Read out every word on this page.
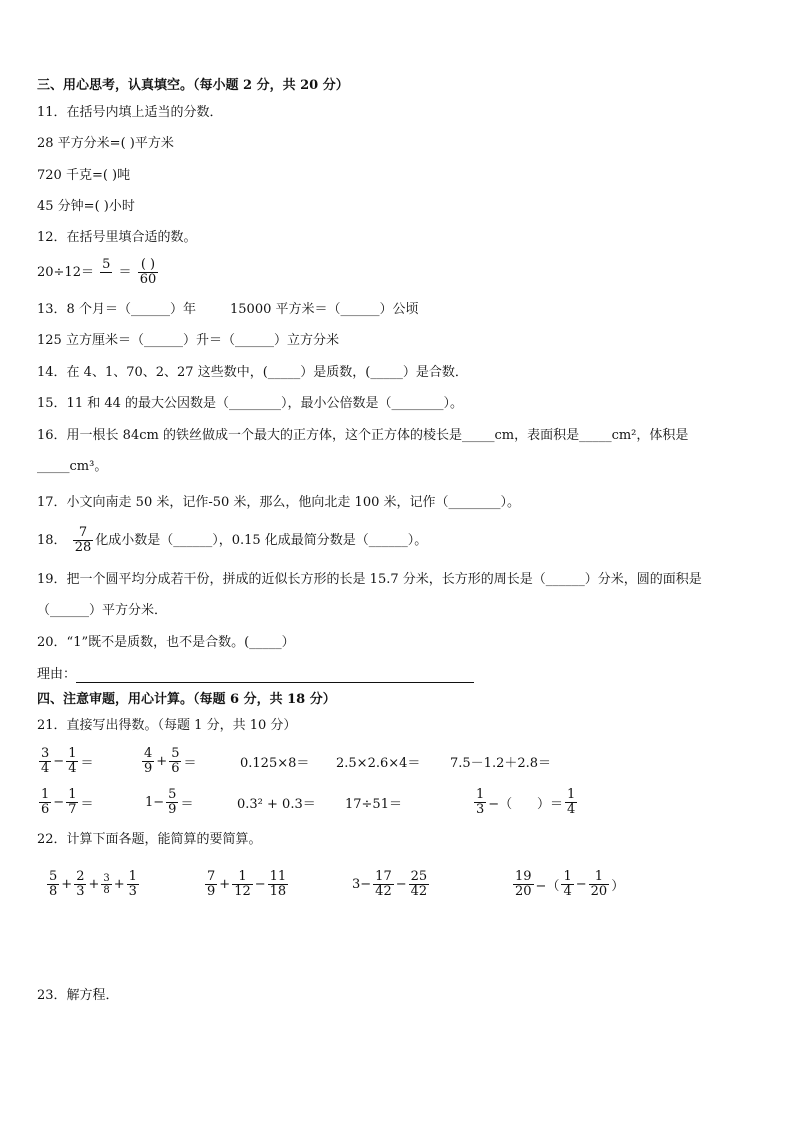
三、用心思考，认真填空。（每小题 2 分，共 20 分）
11．在括号内填上适当的分数．
28 平方分米=( )平方米
720 千克=( )吨
45 分钟=( )小时
12．在括号里填合适的数。
20÷12＝
5

＝ $\frac{( )}{60}$
13．8 个月＝（______）年	15000 平方米＝（______）公顷
125 立方厘米＝（______）升＝（______）立方分米
14．在 4、1、70、2、27 这些数中，(_____）是质数，(_____）是合数．
15．11 和 44 的最大公因数是（________），最小公倍数是（________）。
16．用一根长 84cm 的铁丝做成一个最大的正方体，这个正方体的棱长是_____cm，表面积是_____cm²，体积是
_____cm³。
17．小文向南走 50 米，记作-50 米，那么，他向北走 100 米，记作（________）。
18． $\frac{7}{28}$ 化成小数是（______），0.15 化成最简分数是（______）。
19．把一个圆平均分成若干份，拼成的近似长方形的长是 15.7 分米，长方形的周长是（______）分米，圆的面积是
（______）平方分米．
20．“1”既不是质数，也不是合数。(_____）
理由：
四、注意审题，用心计算。（每题 6 分，共 18 分）
21．直接写出得数。（每题 1 分，共 10 分）
$\frac{3}{4} - \frac{1}{4}$ ＝	$\frac{4}{9} + \frac{5}{6}$ ＝	0.125×8＝ 2.5×2.6×4＝ 7.5－1.2＋2.8＝
$\frac{1}{6} - \frac{1}{7}$ ＝	$1- \frac{5}{9}$ ＝	0.3² + 0.3＝ 17÷51＝	$\frac{1}{3}$ −（      ）＝ $\frac{1}{4}$
22．计算下面各题，能简算的要简算。
$\frac{5}{8} + \frac{2}{3} + \frac{3}{8} + \frac{1}{3}$	$\frac{7}{9} + \frac{1}{12} - \frac{11}{18}$	$3- \frac{17}{42} - \frac{25}{42}$	$\frac{19}{20}$ −（ $\frac{1}{4} - \frac{1}{20}$ ）
23．解方程．
